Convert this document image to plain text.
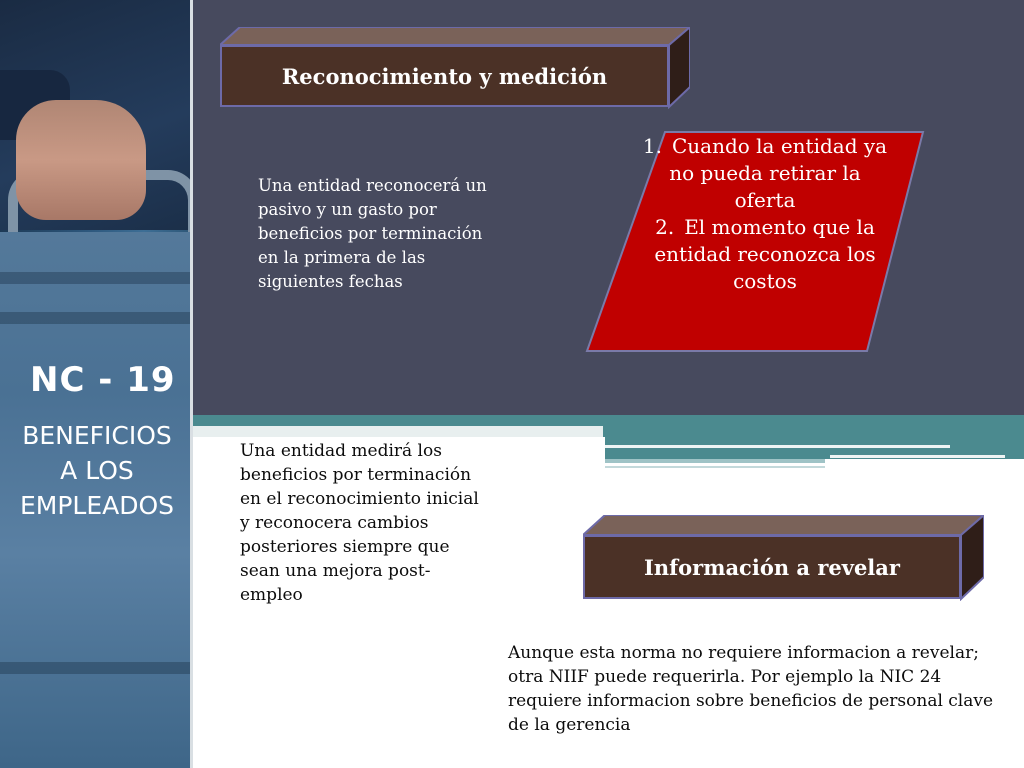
NC - 19
BENEFICIOS
A LOS
EMPLEADOS
Reconocimiento y medición
Una entidad reconocerá un pasivo y un gasto por beneficios por terminación en la primera de las siguientes fechas
1. Cuando la entidad ya no pueda retirar la oferta
2. El momento que la entidad reconozca los costos
Una entidad medirá los beneficios por terminación en el reconocimiento inicial y reconocera cambios posteriores siempre que sean una mejora post-empleo
Información a revelar
Aunque esta norma no requiere informacion a revelar; otra NIIF puede requerirla. Por ejemplo la NIC 24 requiere informacion sobre beneficios de personal clave de la gerencia
